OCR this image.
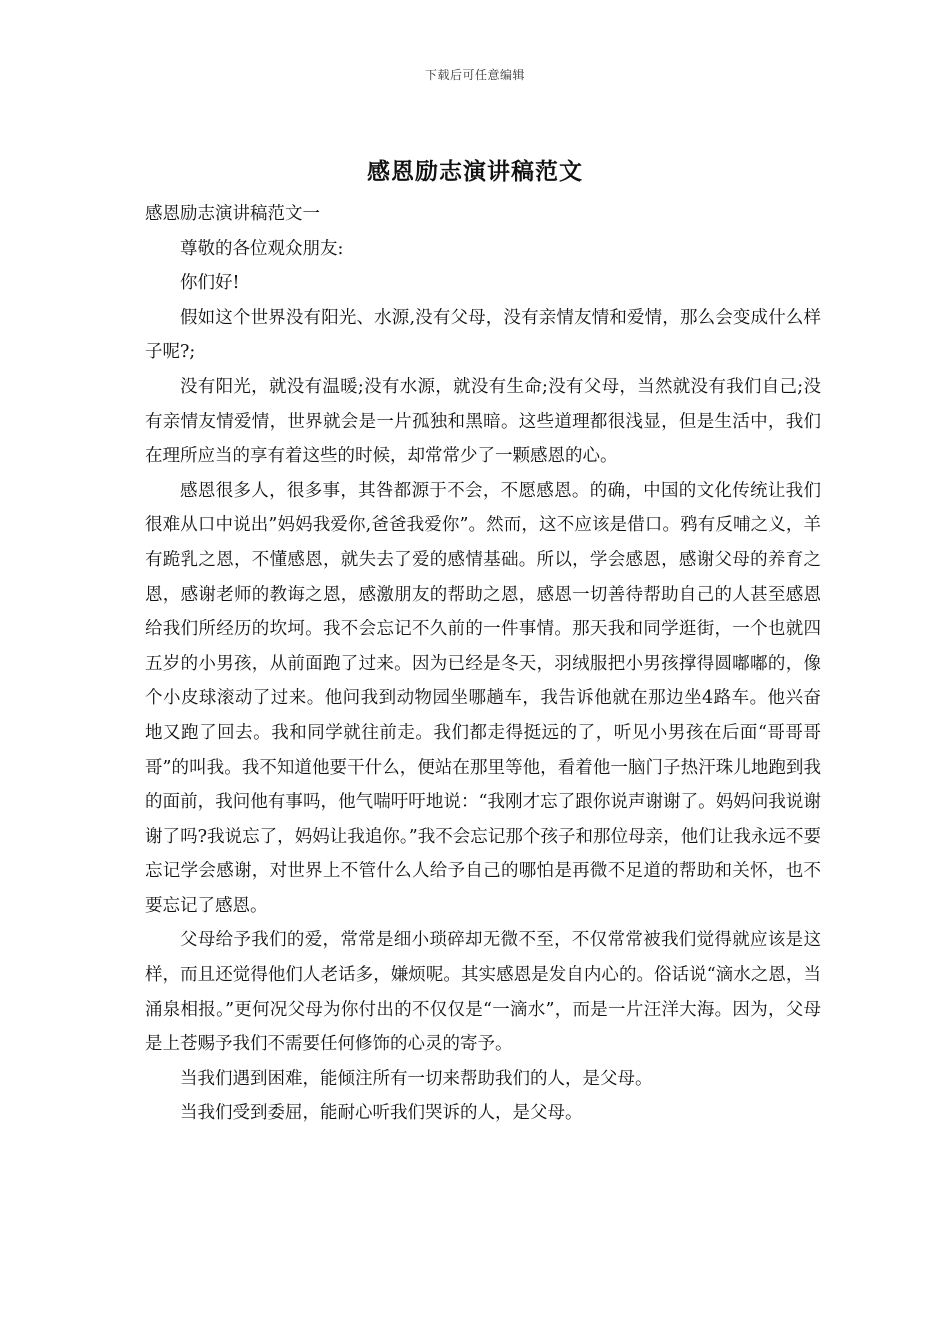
下载后可任意编辑
感恩励志演讲稿范文

感恩励志演讲稿范文一

尊敬的各位观众朋友:

你们好!

假如这个世界没有阳光、水源,没有父母，没有亲情友情和爱情，那么会变成什么样子呢?;

没有阳光，就没有温暖;没有水源，就没有生命;没有父母，当然就没有我们自己;没有亲情友情爱情，世界就会是一片孤独和黑暗。这些道理都很浅显，但是生活中，我们在理所应当的享有着这些的时候，却常常少了一颗感恩的心。

感恩很多人，很多事，其咎都源于不会，不愿感恩。的确，中国的文化传统让我们很难从口中说出”妈妈我爱你,爸爸我爱你”。然而，这不应该是借口。鸦有反哺之义，羊有跪乳之恩，不懂感恩，就失去了爱的感情基础。所以，学会感恩，感谢父母的养育之恩，感谢老师的教诲之恩，感激朋友的帮助之恩，感恩一切善待帮助自己的人甚至感恩给我们所经历的坎坷。我不会忘记不久前的一件事情。那天我和同学逛街，一个也就四五岁的小男孩，从前面跑了过来。因为已经是冬天，羽绒服把小男孩撑得圆嘟嘟的，像个小皮球滚动了过来。他问我到动物园坐哪趟车，我告诉他就在那边坐4路车。他兴奋地又跑了回去。我和同学就往前走。我们都走得挺远的了，听见小男孩在后面“哥哥哥哥”的叫我。我不知道他要干什么，便站在那里等他，看着他一脑门子热汗珠儿地跑到我的面前，我问他有事吗，他气喘吁吁地说：“我刚才忘了跟你说声谢谢了。妈妈问我说谢谢了吗?我说忘了，妈妈让我追你。”我不会忘记那个孩子和那位母亲，他们让我永远不要忘记学会感谢，对世界上不管什么人给予自己的哪怕是再微不足道的帮助和关怀，也不要忘记了感恩。

父母给予我们的爱，常常是细小琐碎却无微不至，不仅常常被我们觉得就应该是这样，而且还觉得他们人老话多，嫌烦呢。其实感恩是发自内心的。俗话说“滴水之恩，当涌泉相报。”更何况父母为你付出的不仅仅是“一滴水”，而是一片汪洋大海。因为，父母是上苍赐予我们不需要任何修饰的心灵的寄予。

当我们遇到困难，能倾注所有一切来帮助我们的人，是父母。

当我们受到委屈，能耐心听我们哭诉的人，是父母。
